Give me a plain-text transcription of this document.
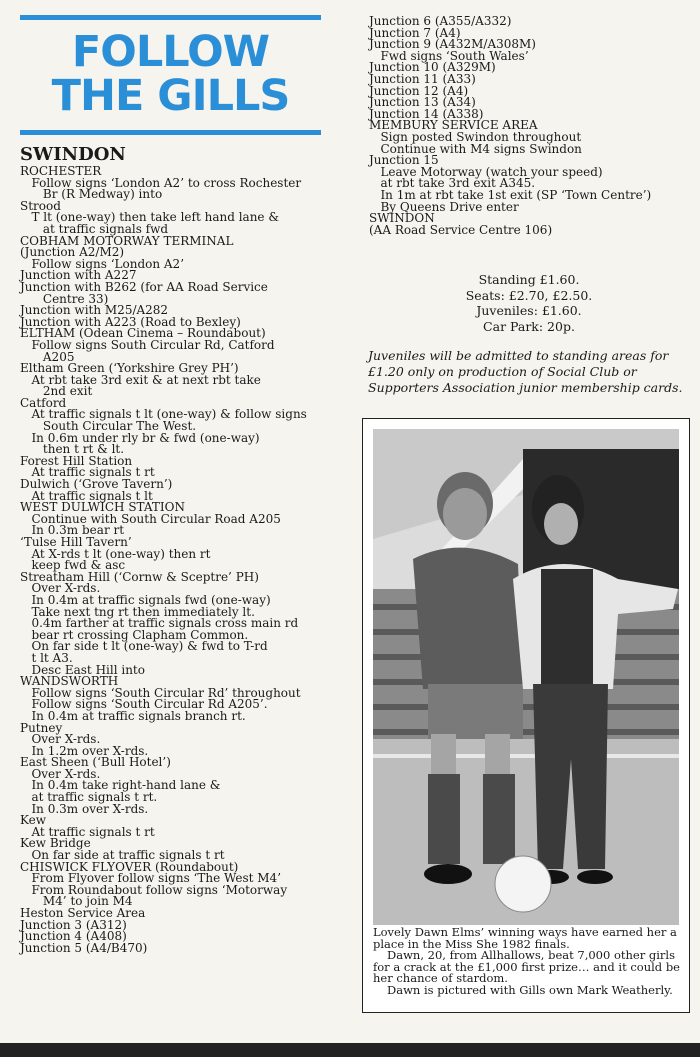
FOLLOW
THE GILLS
SWINDON
ROCHESTER
Follow signs ‘London A2’ to cross Rochester
Br (R Medway) into
Strood
T lt (one-way) then take left hand lane &
at traffic signals fwd
COBHAM MOTORWAY TERMINAL
(Junction A2/M2)
Follow signs ‘London A2’
Junction with A227
Junction with B262 (for AA Road Service
Centre 33)
Junction with M25/A282
Junction with A223 (Road to Bexley)
ELTHAM (Odean Cinema – Roundabout)
Follow signs South Circular Rd, Catford
A205
Eltham Green (‘Yorkshire Grey PH’)
At rbt take 3rd exit & at next rbt take
2nd exit
Catford
At traffic signals t lt (one-way) & follow signs
South Circular The West.
In 0.6m under rly br & fwd (one-way)
then t rt & lt.
Forest Hill Station
At traffic signals t rt
Dulwich (‘Grove Tavern’)
At traffic signals t lt
WEST DULWICH STATION
Continue with South Circular Road A205
In 0.3m bear rt
‘Tulse Hill Tavern’
At X-rds t lt (one-way) then rt
keep fwd & asc
Streatham Hill (‘Cornw & Sceptre’ PH)
Over X-rds.
In 0.4m at traffic signals fwd (one-way)
Take next tng rt then immediately lt.
0.4m farther at traffic signals cross main rd
bear rt crossing Clapham Common.
On far side t lt (one-way) & fwd to T-rd
t lt A3.
Desc East Hill into
WANDSWORTH
Follow signs ‘South Circular Rd’ throughout
Follow signs ‘South Circular Rd A205’.
In 0.4m at traffic signals branch rt.
Putney
Over X-rds.
In 1.2m over X-rds.
East Sheen (‘Bull Hotel’)
Over X-rds.
In 0.4m take right-hand lane &
at traffic signals t rt.
In 0.3m over X-rds.
Kew
At traffic signals t rt
Kew Bridge
On far side at traffic signals t rt
CHISWICK FLYOVER (Roundabout)
From Flyover follow signs ‘The West M4’
From Roundabout follow signs ‘Motorway
M4’ to join M4
Heston Service Area
Junction 3 (A312)
Junction 4 (A408)
Junction 5 (A4/B470)
Junction 6 (A355/A332)
Junction 7 (A4)
Junction 9 (A432M/A308M)
Fwd signs ‘South Wales’
Junction 10 (A329M)
Junction 11 (A33)
Junction 12 (A4)
Junction 13 (A34)
Junction 14 (A338)
MEMBURY SERVICE AREA
Sign posted Swindon throughout
Continue with M4 signs Swindon
Junction 15
Leave Motorway (watch your speed)
at rbt take 3rd exit A345.
In 1m at rbt take 1st exit (SP ‘Town Centre’)
By Queens Drive enter
SWINDON
(AA Road Service Centre 106)
Standing £1.60.
Seats: £2.70, £2.50.
Juveniles: £1.60.
Car Park: 20p.
Juveniles will be admitted to standing areas for £1.20 only on production of Social Club or Supporters Association junior membership cards.

Lovely Dawn Elms’ winning ways have earned her a place in the Miss She 1982 finals.

Dawn, 20, from Allhallows, beat 7,000 other girls for a crack at the £1,000 first prize… and it could be her chance of stardom.

Dawn is pictured with Gills own Mark Weatherly.
